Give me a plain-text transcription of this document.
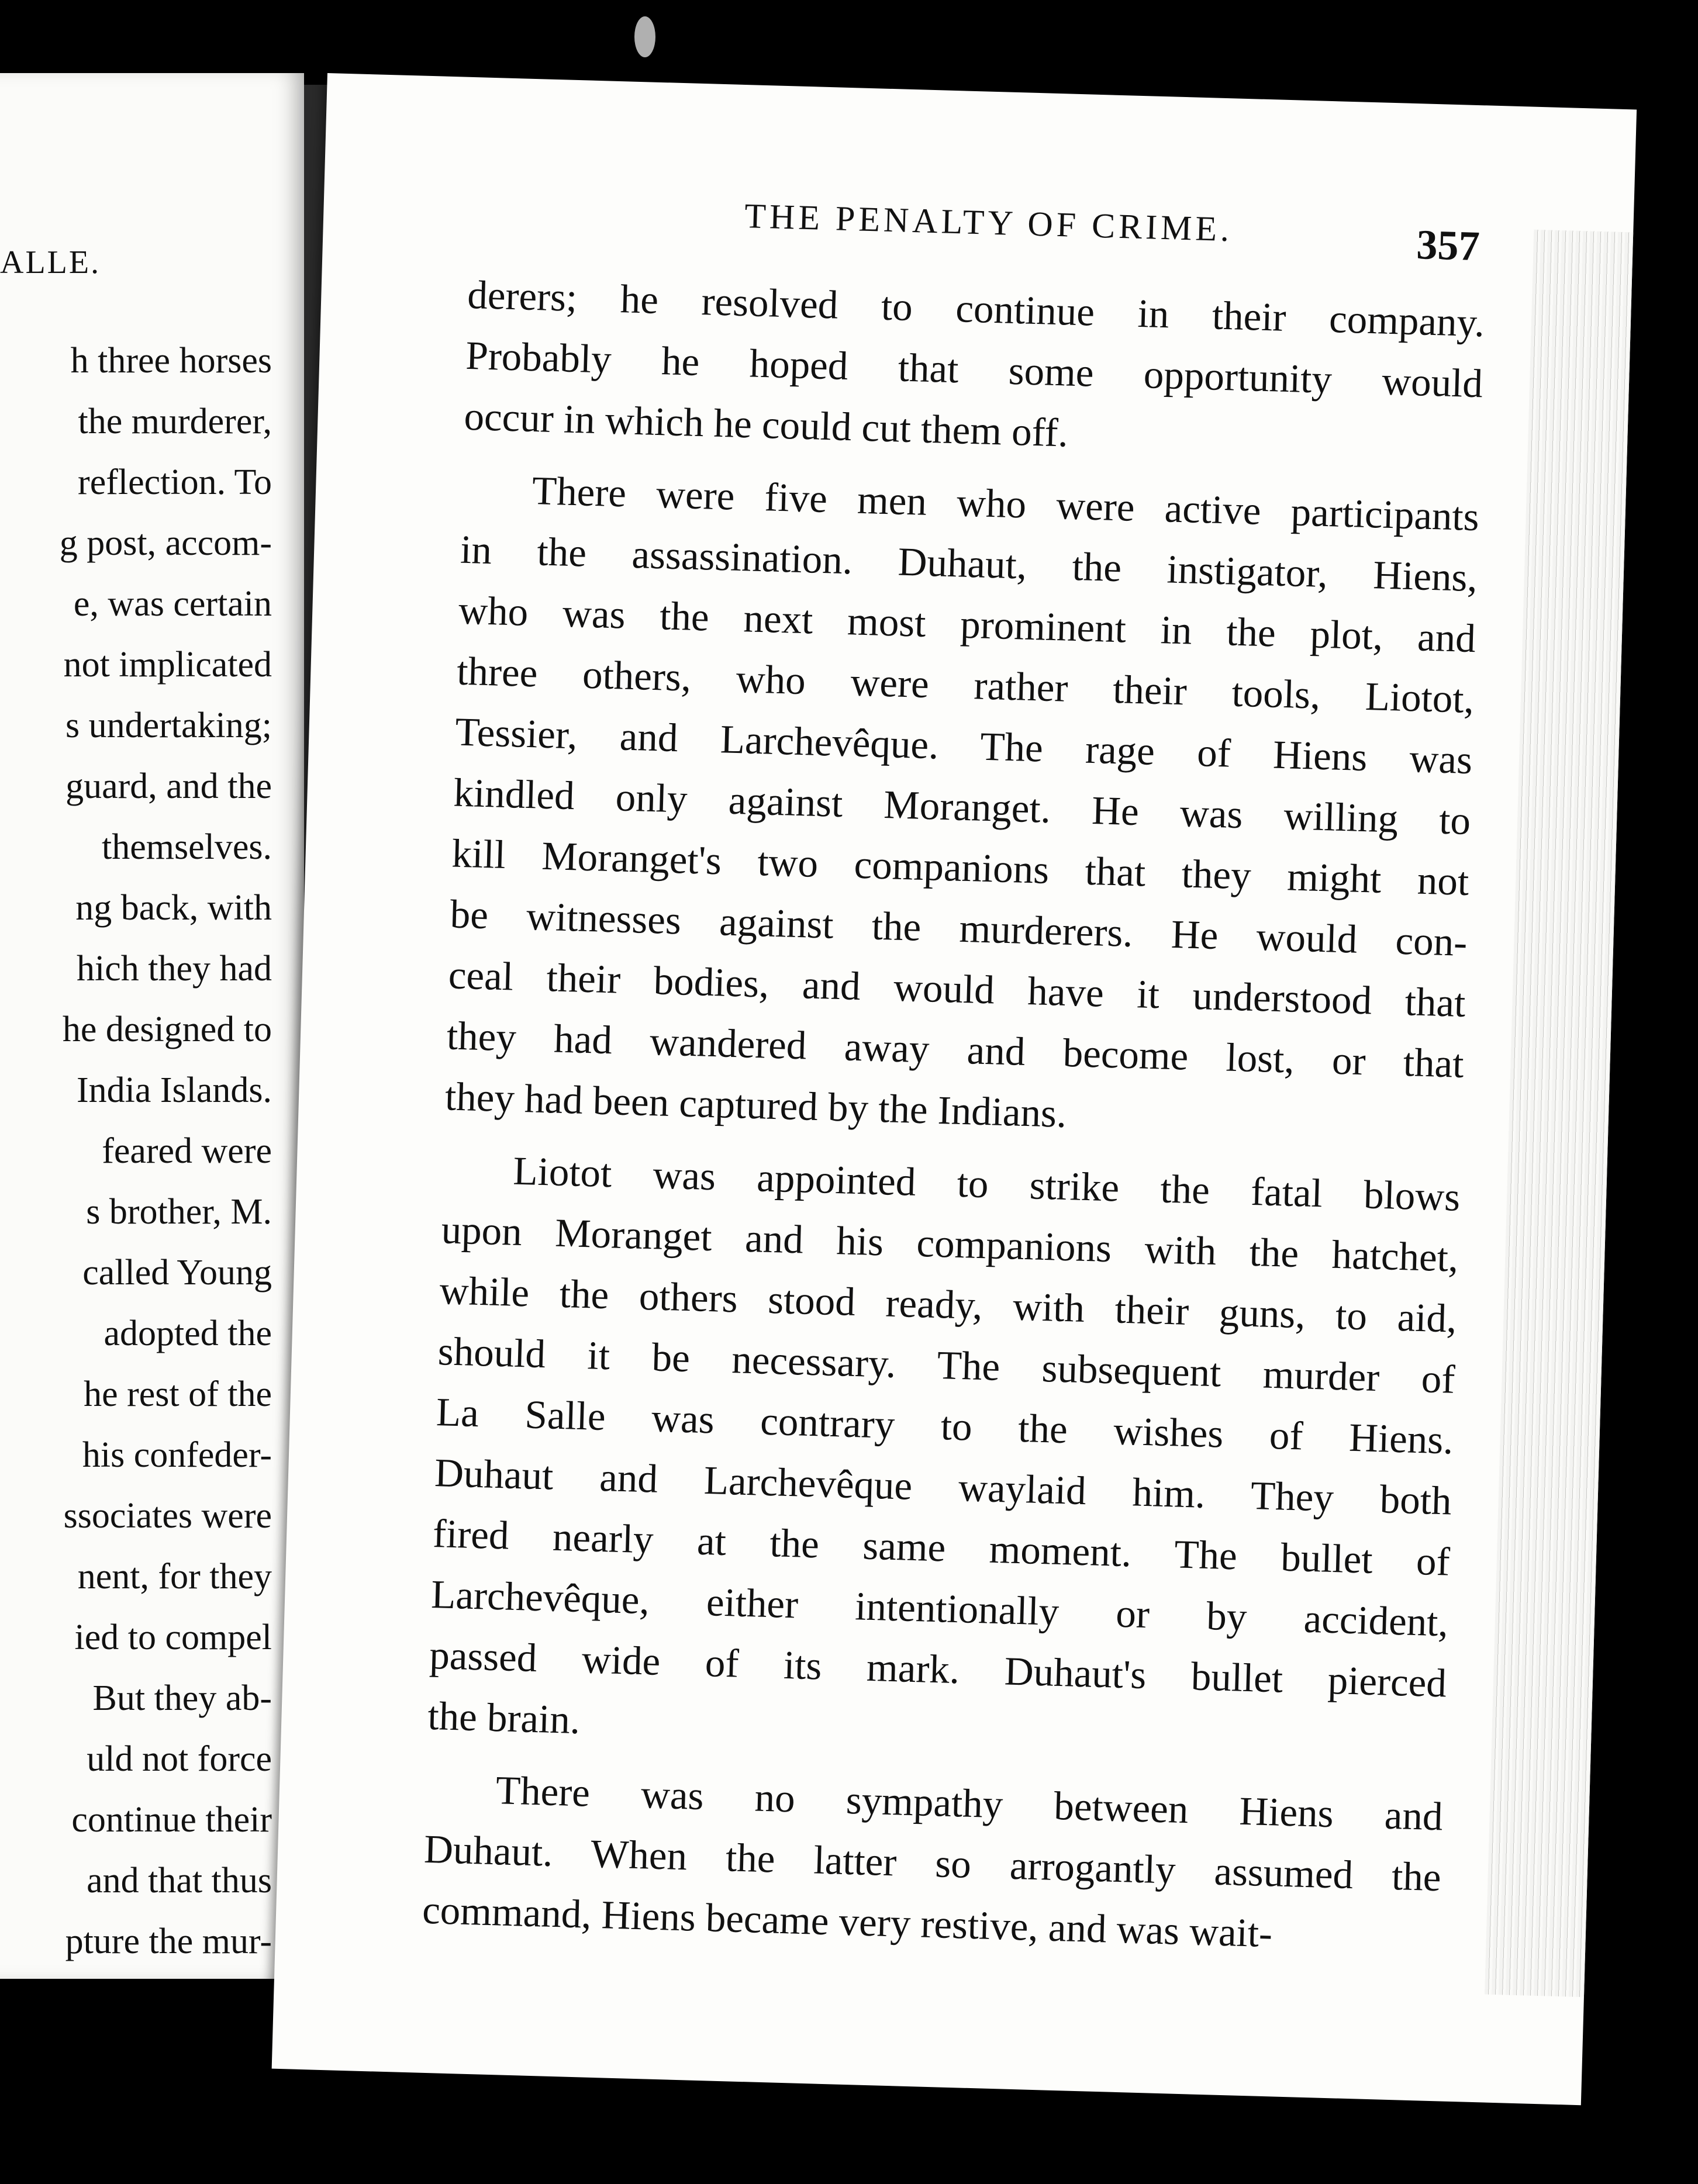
ALLE.
h three horses
the murderer,
reflection. To
g post, accom-
e, was certain
not implicated
s undertaking;
guard, and the
themselves.
ng back, with
hich they had
he designed to
India Islands.
feared were
s brother, M.
called Young
adopted the
he rest of the
his confeder-
ssociates were
nent, for they
ied to compel
But they ab-
uld not force
continue their
and that thus
pture the mur-
THE PENALTY OF CRIME.	357
derers; he resolved to continue in their company.
Probably he hoped that some opportunity would
occur in which he could cut them off.
There were five men who were active participants
in the assassination. Duhaut, the instigator, Hiens,
who was the next most prominent in the plot, and
three others, who were rather their tools, Liotot,
Tessier, and Larchevêque. The rage of Hiens was
kindled only against Moranget. He was willing to
kill Moranget's two companions that they might not
be witnesses against the murderers. He would con-
ceal their bodies, and would have it understood that
they had wandered away and become lost, or that
they had been captured by the Indians.
Liotot was appointed to strike the fatal blows
upon Moranget and his companions with the hatchet,
while the others stood ready, with their guns, to aid,
should it be necessary. The subsequent murder of
La Salle was contrary to the wishes of Hiens.
Duhaut and Larchevêque waylaid him. They both
fired nearly at the same moment. The bullet of
Larchevêque, either intentionally or by accident,
passed wide of its mark. Duhaut's bullet pierced
the brain.
There was no sympathy between Hiens and
Duhaut. When the latter so arrogantly assumed the
command, Hiens became very restive, and was wait-
